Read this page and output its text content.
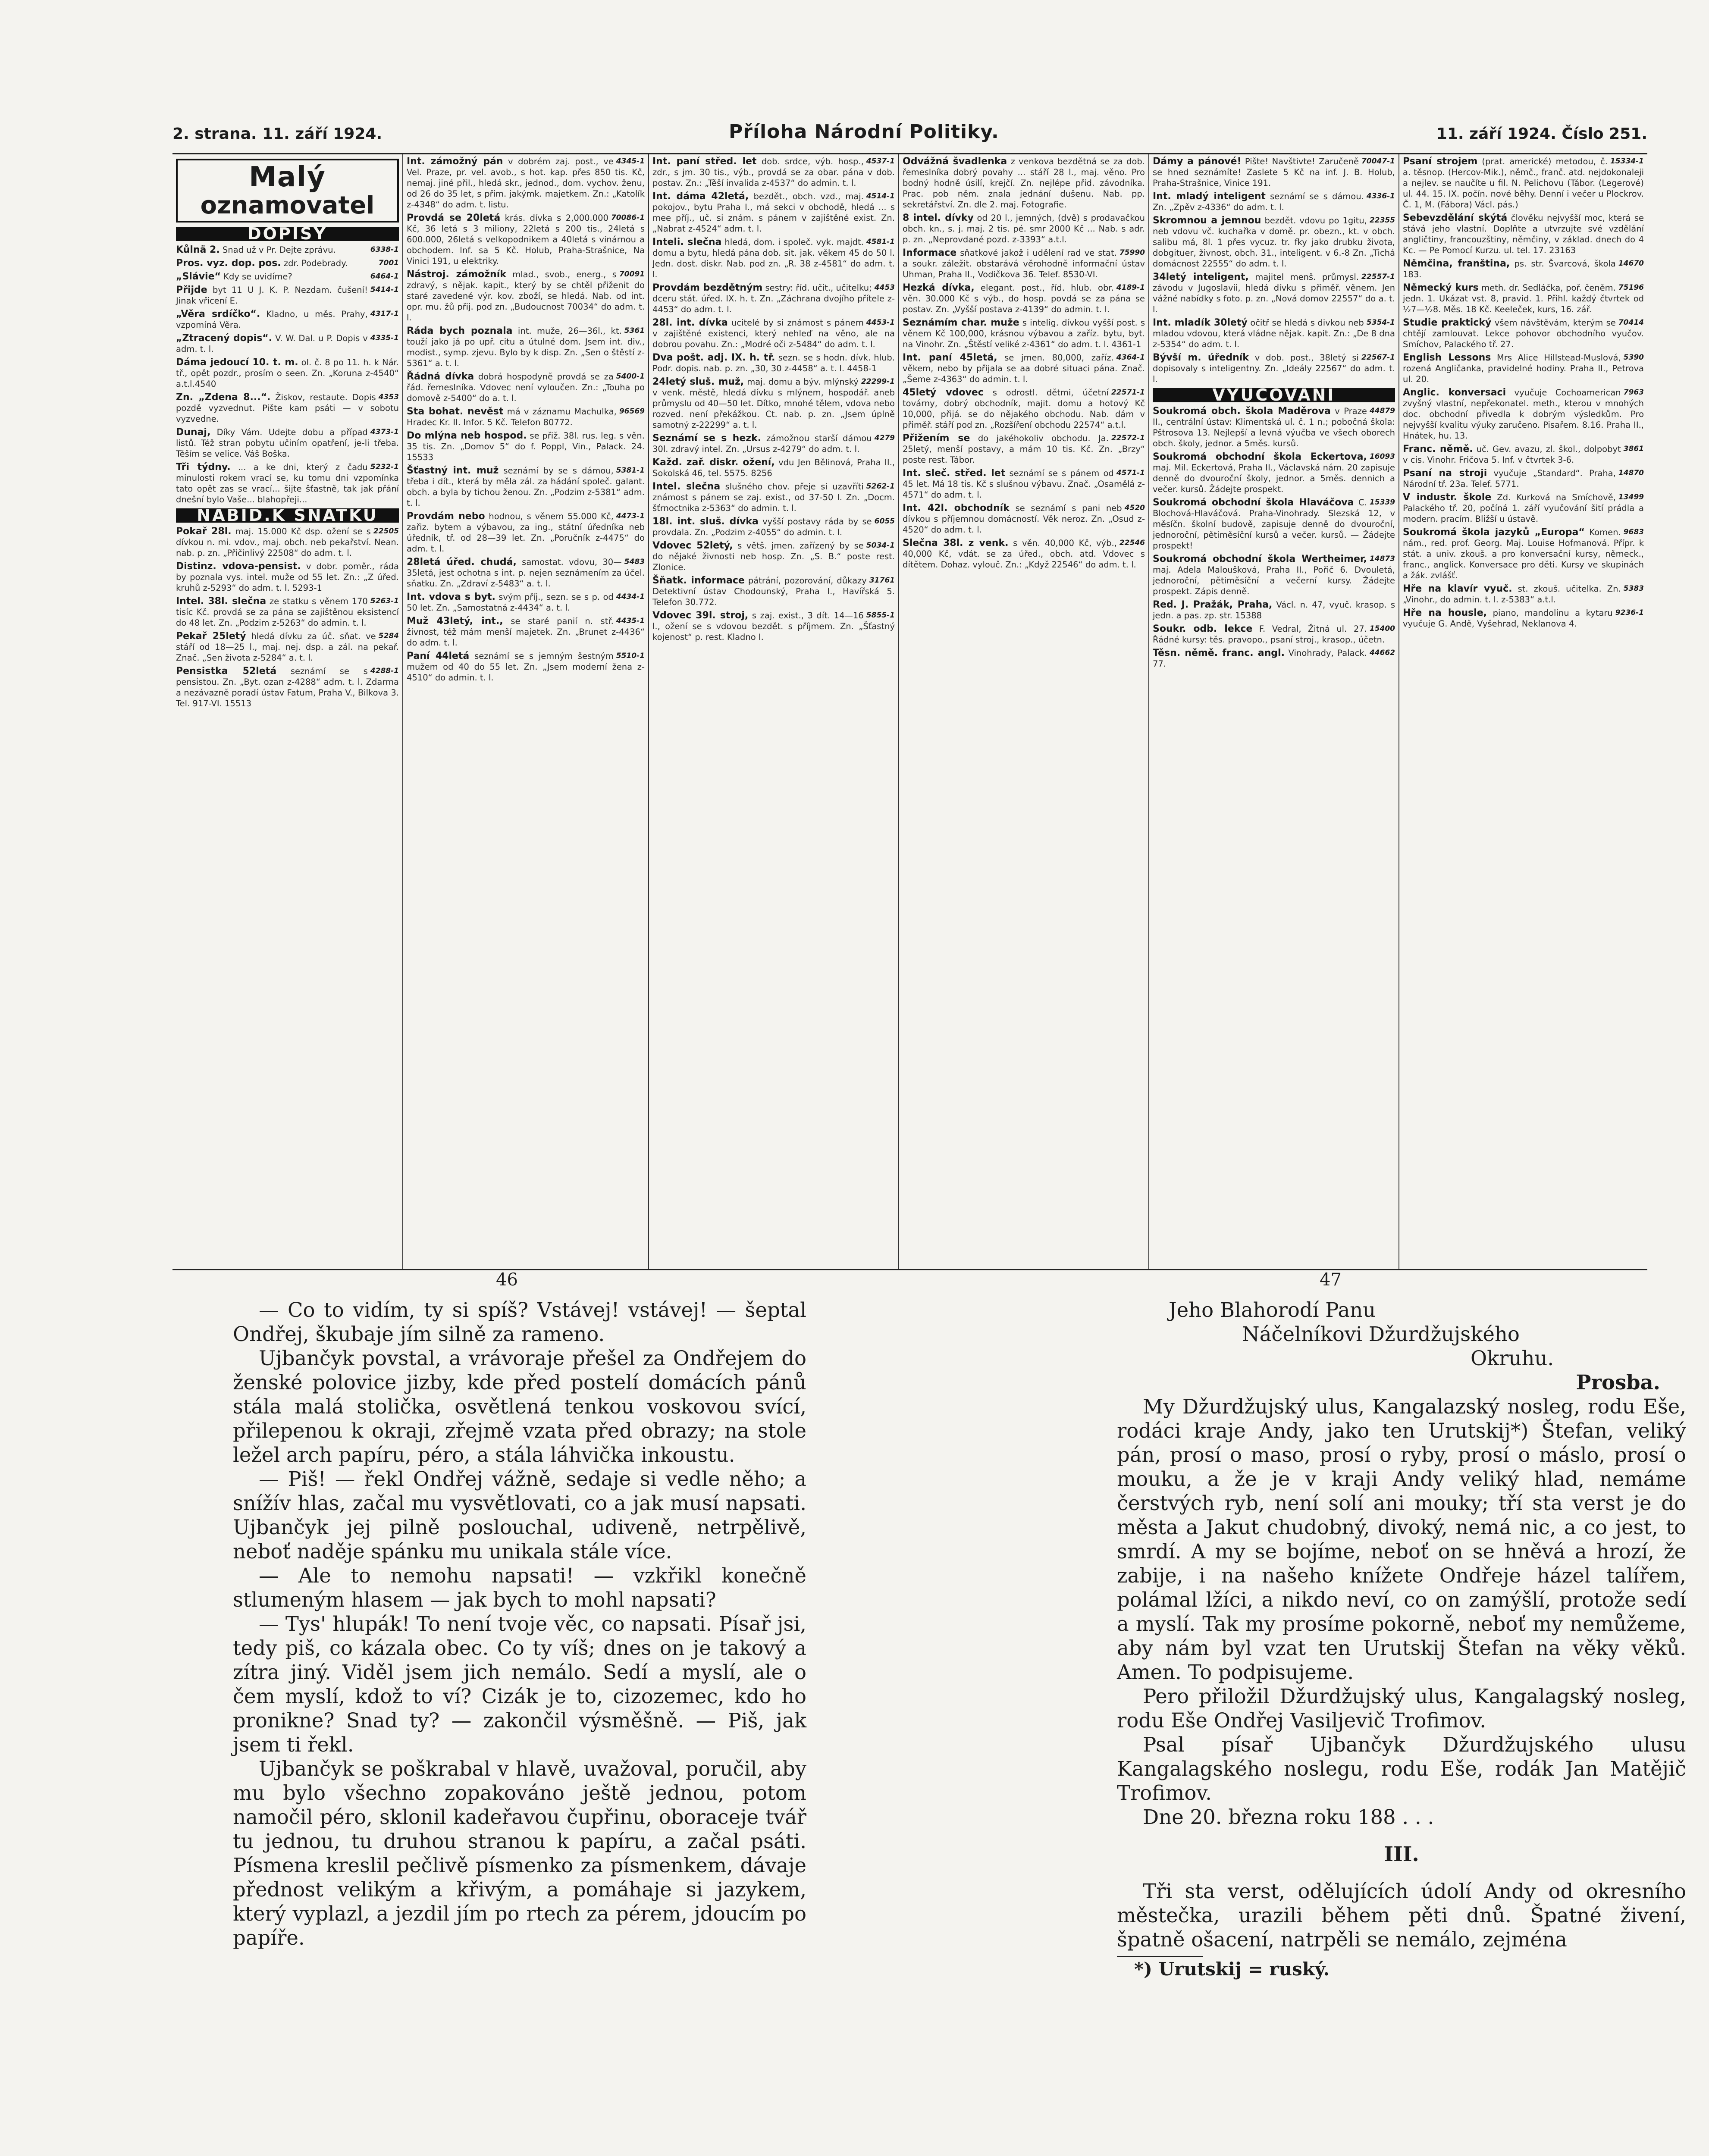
2. strana. 11. září 1924.	Příloha Národní Politiky.	11. září 1924. Číslo 251.
Malý
oznamovatel
DOPISY
6338-1
Kůlnä 2. Snad už v Pr. Dejte zprávu.
7001
Pros. vyz. dop. pos. zdr. Podebrady.
6464-1
„Slávie“ Kdy se uvidíme?
5414-1
Přijde byt 11 U J. K. P. Nezdam. čušení! Jinak vřicení E.
4317-1
„Věra srdíčko“. Kladno, u měs. Prahy, vzpomíná Věra.
4335-1
„Ztracený dopis“. V. W. Dal. u P. Dopis v adm. t. l.
Dáma jedoucí 10. t. m. ol. č. 8 po 11. h. k Nár. tř., opět pozdr., prosím o seen. Zn. „Koruna z-4540“ a.t.l.4540
4353
Zn. „Zdena 8...“. Žiskov, restaute. Dopis pozdě vyzvednut. Pište kam psáti — v sobotu vyzvedne.
4373-1
Dunaj, Díky Vám. Udejte dobu a případ listů. Též stran pobytu učiním opatření, je-li třeba. Těším se velice. Váš Boška.
5232-1
Tři týdny. ... a ke dni, který z čadu minulosti rokem vrací se, ku tomu dni vzpomínka tato opět zas se vrací... šijte šťastně, tak jak přání dnešní bylo Vaše... blahopřeji...
NABÍD.K SŇATKU
22505
Pokař 28l. maj. 15.000 Kč dsp. ožení se s dívkou n. mi. vdov., maj. obch. neb pekařství. Nean. nab. p. zn. „Přičinlivý 22508“ do adm. t. l.
Distinz. vdova-pensist. v dobr. poměr., ráda by poznala vys. intel. muže od 55 let. Zn.: „Z úřed. kruhů z-5293“ do adm. t. l. 5293-1
5263-1
Intel. 38l. slečna ze statku s věnem 170 tisíc Kč. provdá se za pána se zajištěnou eksistencí do 48 let. Zn. „Podzim z-5263“ do admin. t. l.
5284
Pekař 25letý hledá dívku za úč. sňat. ve stáří od 18—25 l., maj. nej. dsp. a zál. na pekař. Znač. „Sen života z-5284“ a. t. l.
4288-1
Pensistka 52letá seznámí se s pensistou. Zn. „Byt. ozan z-4288“ adm. t. l. Zdarma a nezávazně poradí ústav Fatum, Praha V., Bilkova 3. Tel. 917-VI. 15513
4345-1
Int. zámožný pán v dobrém zaj. post., ve Vel. Praze, pr. vel. avob., s hot. kap. přes 850 tis. Kč, nemaj. jiné přil., hledá skr., jednod., dom. vychov. ženu, od 26 do 35 let, s přim. jakýmk. majetkem. Zn.: „Katolík z-4348“ do adm. t. listu.
70086-1
Provdá se 20letá krás. dívka s 2,000.000 Kč, 36 letá s 3 miliony, 22letá s 200 tis., 24letá s 600.000, 26letá s velkopodnikem a 40letá s vinárnou a obchodem. Inf. sa 5 Kč. Holub, Praha-Strašnice, Na Vinici 191, u elektriky.
70091
Nástroj. zámožník mlad., svob., energ., s zdravý, s nějak. kapit., který by se chtěl přiženit do staré zavedené výr. kov. zboží, se hledá. Nab. od int. opr. mu. žů přij. pod zn. „Budoucnost 70034“ do adm. t. l.
5361
Ráda bych poznala int. muže, 26—36l., kt. touží jako já po upř. citu a útulné dom. Jsem int. div., modist., symp. zjevu. Bylo by k disp. Zn. „Sen o štěstí z-5361“ a. t. l.
5400-1
Řádná dívka dobrá hospodyně provdá se za řád. řemeslníka. Vdovec není vyloučen. Zn.: „Touha po domově z-5400“ do a. t. l.
96569
Sta bohat. nevěst má v záznamu Machulka, Hradec Kr. II. Infor. 5 Kč. Telefon 80772.
Do mlýna neb hospod. se přiž. 38l. rus. leg. s věn. 35 tis. Zn. „Domov 5“ do f. Poppl, Vin., Palack. 24. 15533
5381-1
Šťastný int. muž seznámí by se s dámou, třeba i dít., která by měla zál. za hádání společ. galant. obch. a byla by tichou ženou. Zn. „Podzim z-5381“ adm. t. l.
4473-1
Provdám nebo hodnou, s věnem 55.000 Kč, zařiz. bytem a výbavou, za ing., státní úředníka neb úředník, tř. od 28—39 let. Zn. „Poručník z-4475“ do adm. t. l.
5483
28letá úřed. chudá, samostat. vdovu, 30—35letá, jest ochotna s int. p. nejen seznámením za účel. sňatku. Zn. „Zdraví z-5483“ a. t. l.
4434-1
Int. vdova s byt. svým příj., sezn. se s p. od 50 let. Zn. „Samostatná z-4434“ a. t. l.
4435-1
Muž 43letý, int., se staré panií n. stř. živnost, též mám menší majetek. Zn. „Brunet z-4436“ do adm. t. l.
5510-1
Paní 44letá seznámí se s jemným šestným mužem od 40 do 55 let. Zn. „Jsem moderní žena z-4510“ do admin. t. l.
4537-1
Int. paní střed. let dob. srdce, výb. hosp., zdr., s jm. 30 tis., výb., provdá se za obar. pána v dob. postav. Zn.: „Těší invalida z-4537“ do admin. t. l.
4514-1
Int. dáma 42letá, bezdět., obch. vzd., maj. pokojov., bytu Praha I., má sekci v obchodě, hledá ... s mee příj., uč. si znám. s pánem v zajištěné exist. Zn. „Nabrat z-4524“ adm. t. l.
4581-1
Inteli. slečna hledá, dom. i společ. vyk. majdt. domu a bytu, hledá pána dob. sit. jak. věkem 45 do 50 l. Jedn. dost. diskr. Nab. pod zn. „R. 38 z-4581“ do adm. t. l.
4453
Provdám bezdětným sestry: říd. učit., učitelku; dceru stát. úřed. IX. h. t. Zn. „Záchrana dvojího přítele z-4453“ do adm. t. l.
4453-1
28l. int. dívka ucitelé by si známost s pánem v zajištěné existenci, který nehleď na věno, ale na dobrou povahu. Zn.: „Modré oči z-5484“ do adm. t. l.
Dva pošt. adj. IX. h. tř. sezn. se s hodn. dívk. hlub. Podr. dopis. nab. p. zn. „30, 30 z-4458“ a. t. l. 4458-1
22299-1
24letý sluš. muž, maj. domu a býv. mlýnský v venk. městě, hledá dívku s mlýnem, hospodář. aneb průmyslu od 40—50 let. Dítko, mnohé tělem, vdova nebo rozved. není překážkou. Ct. nab. p. zn. „Jsem úplně samotný z-22299“ a. t. l.
4279
Seznámí se s hezk. zámožnou starší dámou 30l. zdravý intel. Zn. „Ursus z-4279“ do adm. t. l.
Každ. zař. diskr. ožení, vdu Jen Bělinová, Praha II., Sokolská 46, tel. 5575. 8256
5262-1
Intel. slečna slušného chov. přeje si uzavříti známost s pánem se zaj. exist., od 37-50 l. Zn. „Docm. šťrnoctnika z-5363“ do admin. t. l.
6055
18l. int. sluš. dívka vyšší postavy ráda by se provdala. Zn. „Podzim z-4055“ do admin. t. l.
5034-1
Vdovec 52letý, s větš. jmen. zařízený by se do nějaké živnosti neb hosp. Zn. „S. B.“ poste rest. Zlonice.
31761
Šňatk. informace pátrání, pozorování, důkazy Detektivní ústav Chodounský, Praha I., Havířská 5. Telefon 30.772.
5855-1
Vdovec 39l. stroj, s zaj. exist., 3 dít. 14—16 l., ožení se s vdovou bezdět. s příjmem. Zn. „Šťastný kojenost“ p. rest. Kladno I.
Odvážná švadlenka z venkova bezdětná se za dob. řemeslníka dobrý povahy ... stáří 28 l., maj. věno. Pro bodný hodně úsilí, krejčí. Zn. nejlépe přid. závodníka. Prac. pob něm. znala jednání dušenu. Nab. pp. sekretářství. Zn. dle 2. maj. Fotografie.
8 intel. dívky od 20 l., jemných, (dvě) s prodavačkou obch. kn., s. j. maj. 2 tis. pé. smr 2000 Kč ... Nab. s adr. p. zn. „Neprovdané pozd. z-3393“ a.t.l.
75990
Informace sňatkové jakož i udělení rad ve stat. a soukr. záležit. obstarává věrohodně informační ústav Uhman, Praha II., Vodičkova 36. Telef. 8530-VI.
4189-1
Hezká dívka, elegant. post., říd. hlub. obr. věn. 30.000 Kč s výb., do hosp. povdá se za pána se postav. Zn. „Vyšší postava z-4139“ do admin. t. l.
Seznámím char. muže s intelig. dívkou vyšší post. s věnem Kč 100,000, krásnou výbavou a zaříz. bytu, byt. na Vinohr. Zn. „Štěstí veliké z-4361“ do adm. t. l. 4361-1
4364-1
Int. paní 45letá, se jmen. 80,000, zaříz. věkem, nebo by přijala se aa dobré situaci pána. Znač. „Šeme z-4363“ do admin. t. l.
22571-1
45letý vdovec s odrostl. dětmi, účetní továrny, dobrý obchodník, majit. domu a hotový Kč 10,000, přijá. se do nějakého obchodu. Nab. dám v přiměř. stáří pod zn. „Rozšíření obchodu 22574“ a.t.l.
22572-1
Přižením se do jakéhokoliv obchodu. Ja. 25letý, menší postavy, a mám 10 tis. Kč. Zn. „Brzy“ poste rest. Tábor.
4571-1
Int. sleč. střed. let seznámí se s pánem od 45 let. Má 18 tis. Kč s slušnou výbavu. Znač. „Osamělá z-4571“ do adm. t. l.
4520
Int. 42l. obchodník se seznámí s pani neb dívkou s příjemnou domácností. Věk neroz. Zn. „Osud z-4520“ do adm. t. l.
22546
Slečna 38l. z venk. s věn. 40,000 Kč, výb., 40,000 Kč, vdát. se za úřed., obch. atd. Vdovec s dítětem. Dohaz. vylouč. Zn.: „Když 22546“ do adm. t. l.
70047-1
Dámy a pánové! Pište! Navštivte! Zaručeně se hned seznámíte! Zaslete 5 Kč na inf. J. B. Holub, Praha-Strašnice, Vinice 191.
4336-1
Int. mladý inteligent seznámí se s dámou. Zn. „Zpěv z-4336“ do adm. t. l.
22355
Skromnou a jemnou bezdět. vdovu po 1gitu, neb vdovu vč. kuchařka v domě. pr. obezn., kt. v obch. salibu má, 8l. 1 přes vycuz. tr. fky jako drubku života, dobgituer, živnost, obch. 31., inteligent. v 6.-8 Zn. „Tichá domácnost 22555“ do adm. t. l.
22557-1
34letý inteligent, majitel menš. průmysl. závodu v Jugoslavii, hledá dívku s přiměř. věnem. Jen vážné nabídky s foto. p. zn. „Nová domov 22557“ do a. t. l.
5354-1
Int. mladík 30letý očitř se hledá s divkou neb mladou vdovou, která vládne nějak. kapit. Zn.: „De 8 dna z-5354“ do adm. t. l.
22567-1
Bývší m. úředník v dob. post., 38letý si dopisovaly s inteligentny. Zn. „Ideály 22567“ do adm. t. l.
VYUČOVÁNÍ
44879
Soukromá obch. škola Maděrova v Praze II., centrální ústav: Klimentská ul. č. 1 n.; pobočná škola: Pštrosova 13. Nejlepší a levná výučba ve všech oborech obch. školy, jednor. a 5měs. kursů.
16093
Soukromá obchodní škola Eckertova, maj. Mil. Eckertová, Praha II., Václavská nám. 20 zapisuje denně do dvouroční školy, jednor. a 5měs. dennich a večer. kursů. Žádejte prospekt.
15339
Soukromá obchodní škola Hlaváčova C. Blochová-Hlaváčová. Praha-Vinohrady. Slezská 12, v měsíčn. školní budově, zapisuje denně do dvouroční, jednoroční, pětiměsíční kursů a večer. kursů. — Žádejte prospekt!
14873
Soukromá obchodní škola Wertheimer, maj. Adela Maloušková, Praha II., Pořič 6. Dvouletá, jednoroční, pětiměsíční a večerní kursy. Žádejte prospekt. Zápis denně.
Red. J. Pražák, Praha, Václ. n. 47, vyuč. krasop. s jedn. a pas. zp. str. 15388
15400
Soukr. odb. lekce F. Vedral, Žitná ul. 27. Řádné kursy: těs. pravopo., psaní stroj., krasop., účetn.
44662
Těsn. němě. franc. angl. Vinohrady, Palack. 77.
15334-1
Psaní strojem (prat. americké) metodou, č. a. těsnop. (Hercov-Mik.), němč., franč. atd. nejdokonaleji a nejlev. se naučíte u fil. N. Pelichovu (Tábor. (Legerové) ul. 44. 15. IX. počín. nové běhy. Denní i večer u Plockrov. Č. 1, M. (Fábora) Václ. pás.)
Sebevzdělání skýtá člověku nejvyšší moc, která se stává jeho vlastní. Doplňte a utvrzujte své vzdělání angličtiny, francouzštiny, němčiny, v základ. dnech do 4 Kc. — Pe Pomocí Kurzu. ul. tel. 17. 23163
14670
Němčina, franština, ps. str. Švarcová, škola 183.
75196
Německý kurs meth. dr. Sedláčka, poř. čeněm. jedn. 1. Ukázat vst. 8, pravid. 1. Přihl. každý čtvrtek od ½7—½8. Měs. 18 Kč. Keeleček, kurs, 16. zář.
70414
Studie praktický všem návštěvám, kterým se chtějí zamlouvat. Lekce pohovor obchodního vyučov. Smíchov, Palackého tř. 27.
5390
English Lessons Mrs Alice Hillstead-Muslová, rozená Angličanka, pravidelné hodiny. Praha II., Petrova ul. 20.
7963
Anglic. konversaci vyučuje Cochoamerican zvyšný vlastní, nepřekonatel. meth., kterou v mnohých doc. obchodní přivedla k dobrým výsledkům. Pro nejvyšší kvalitu výuky zaručeno. Pisařem. 8.16. Praha II., Hnátek, hu. 13.
3861
Franc. němě. uč. Gev. avazu, zl. škol., dolpobyt v cis. Vinohr. Fričova 5. Inf. v čtvrtek 3-6.
14870
Psaní na stroji vyučuje „Standard“. Praha, Národní tř. 23a. Telef. 5771.
13499
V industr. škole Zd. Kurková na Smíchově, Palackého tř. 20, počíná 1. září vyučování šití prádla a modern. pracím. Bližší u ústavě.
9683
Soukromá škola jazyků „Europa“ Komen. nám., red. prof. Georg. Maj. Louise Hofmanová. Přípr. k stát. a univ. zkouš. a pro konversační kursy, německ., franc., anglick. Konversace pro děti. Kursy ve skupinách a žák. zvlášť.
5383
Hře na klavír vyuč. st. zkouš. učitelka. Zn. „Vinohr., do admin. t. l. z-5383“ a.t.l.
9236-1
Hře na housle, piano, mandolinu a kytaru vyučuje G. Andě, Vyšehrad, Neklanova 4.
46	47

— Co to vidím, ty si spíš? Vstávej! vstávej! — šeptal Ondřej, škubaje jím silně za rameno.

Ujbančyk povstal, a vrávoraje přešel za Ondřejem do ženské polovice jizby, kde před postelí domácích pánů stála malá stolička, osvětlená tenkou voskovou svící, přilepenou k okraji, zřejmě vzata před obrazy; na stole ležel arch papíru, péro, a stála láhvička inkoustu.

— Piš! — řekl Ondřej vážně, sedaje si vedle něho; a snížív hlas, začal mu vysvětlovati, co a jak musí napsati. Ujbančyk jej pilně poslouchal, udiveně, netrpělivě, neboť naděje spánku mu unikala stále více.

— Ale to nemohu napsati! — vzkřikl konečně stlumeným hlasem — jak bych to mohl napsati?

— Tys' hlupák! To není tvoje věc, co napsati. Písař jsi, tedy piš, co kázala obec. Co ty víš; dnes on je takový a zítra jiný. Viděl jsem jich nemálo. Sedí a myslí, ale o čem myslí, kdož to ví? Cizák je to, cizozemec, kdo ho pronikne? Snad ty? — zakončil výsměšně. — Piš, jak jsem ti řekl.

Ujbančyk se poškrabal v hlavě, uvažoval, poručil, aby mu bylo všechno zopakováno ještě jednou, potom namočil péro, sklonil kadeřavou čupřinu, oboraceje tvář tu jednou, tu druhou stranou k papíru, a začal psáti. Písmena kreslil pečlivě písmenko za písmenkem, dávaje přednost velikým a křivým, a pomáhaje si jazykem, který vyplazl, a jezdil jím po rtech za pérem, jdoucím po papíře.

Jeho Blahorodí Panu

Náčelníkovi Džurdžujského

Okruhu.

Prosba.

My Džurdžujský ulus, Kangalazský nosleg, rodu Eše, rodáci kraje Andy, jako ten Urutskij*) Štefan, veliký pán, prosí o maso, prosí o ryby, prosí o máslo, prosí o mouku, a že je v kraji Andy veliký hlad, nemáme čerstvých ryb, není solí ani mouky; tří sta verst je do města a Jakut chudobný, divoký, nemá nic, a co jest, to smrdí. A my se bojíme, neboť on se hněvá a hrozí, že zabije, i na našeho knížete Ondřeje házel talířem, polámal lžíci, a nikdo neví, co on zamýšlí, protože sedí a myslí. Tak my prosíme pokorně, neboť my nemůžeme, aby nám byl vzat ten Urutskij Štefan na věky věků. Amen. To podpisujeme.

Pero přiložil Džurdžujský ulus, Kangalagský nosleg, rodu Eše Ondřej Vasiljevič Trofimov.

Psal písař Ujbančyk Džurdžujského ulusu Kangalagského noslegu, rodu Eše, rodák Jan Matějič Trofimov.

Dne 20. března roku 188 . . .

III.

Tři sta verst, odělujících údolí Andy od okresního městečka, urazili během pěti dnů. Špatné živení, špatně ošacení, natrpěli se nemálo, zejména

*) Urutskij = ruský.
